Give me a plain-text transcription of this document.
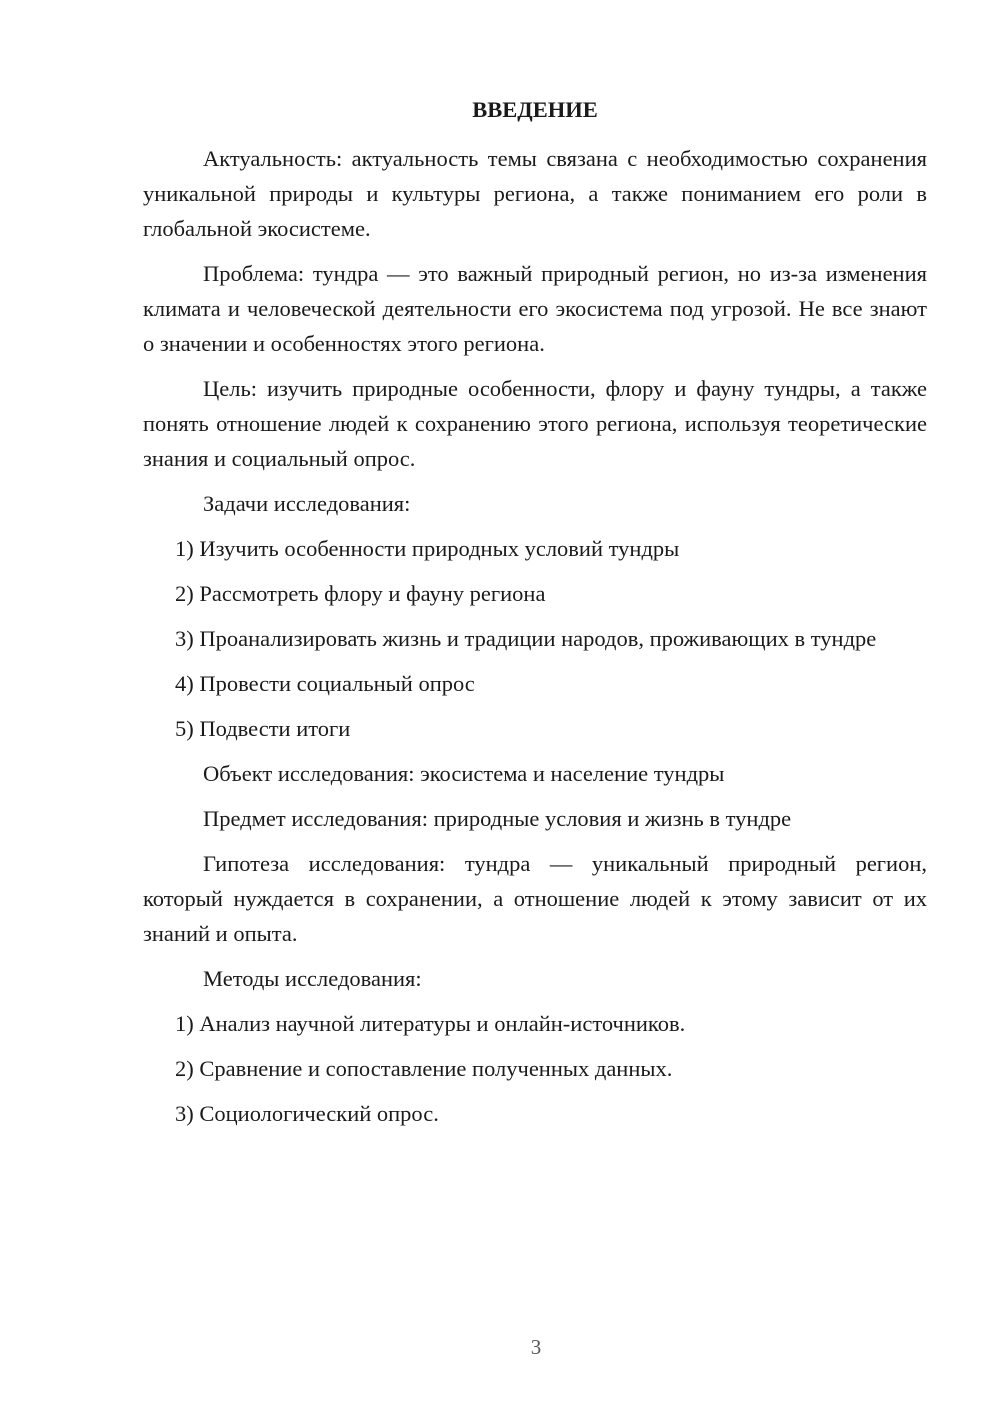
ВВЕДЕНИЕ

Актуальность: актуальность темы связана с необходимостью сохранения уникальной природы и культуры региона, а также пониманием его роли в глобальной экосистеме.

Проблема: тундра — это важный природный регион, но из-за изменения климата и человеческой деятельности его экосистема под угрозой. Не все знают о значении и особенностях этого региона.

Цель: изучить природные особенности, флору и фауну тундры, а также понять отношение людей к сохранению этого региона, используя теоретические знания и социальный опрос.

Задачи исследования:

1) Изучить особенности природных условий тундры

2) Рассмотреть флору и фауну региона

3) Проанализировать жизнь и традиции народов, проживающих в тундре

4) Провести социальный опрос

5) Подвести итоги

Объект исследования: экосистема и население тундры

Предмет исследования: природные условия и жизнь в тундре

Гипотеза исследования: тундра — уникальный природный регион, который нуждается в сохранении, а отношение людей к этому зависит от их знаний и опыта.

Методы исследования:

1) Анализ научной литературы и онлайн-источников.

2) Сравнение и сопоставление полученных данных.

3) Социологический опрос.

3
